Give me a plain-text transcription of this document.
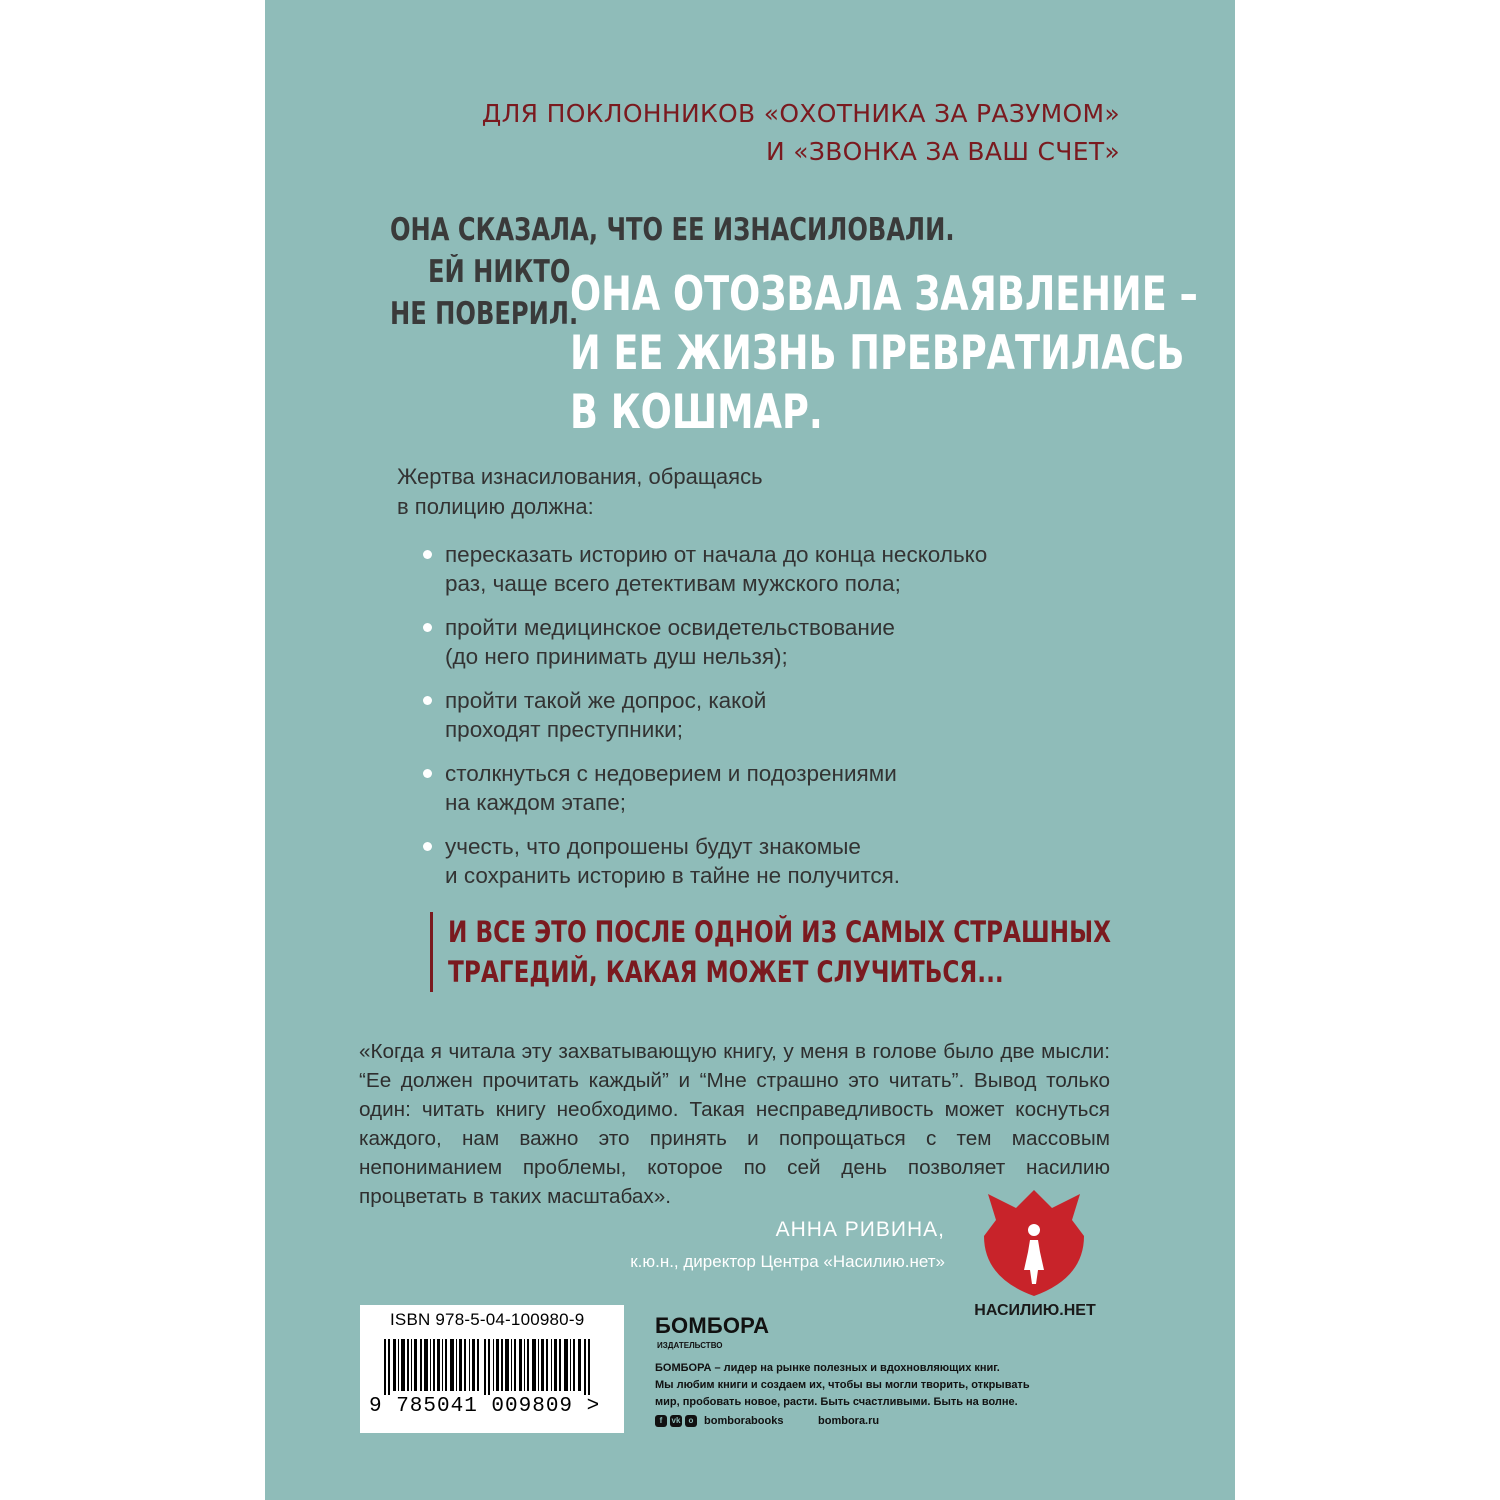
ДЛЯ ПОКЛОННИКОВ «ОХОТНИКА ЗА РАЗУМОМ»
И «ЗВОНКА ЗА ВАШ СЧЕТ»
ОНА СКАЗАЛА, ЧТО ЕЕ ИЗНАСИЛОВАЛИ.
ЕЙ НИКТО
НЕ ПОВЕРИЛ.
ОНА ОТОЗВАЛА ЗАЯВЛЕНИЕ –
И ЕЕ ЖИЗНЬ ПРЕВРАТИЛАСЬ
В КОШМАР.
Жертва изнасилования, обращаясь
в полицию должна:
пересказать историю от начала до конца несколько
раз, чаще всего детективам мужского пола;
пройти медицинское освидетельствование
(до него принимать душ нельзя);
пройти такой же допрос, какой
проходят преступники;
столкнуться с недоверием и подозрениями
на каждом этапе;
учесть, что допрошены будут знакомые
и сохранить историю в тайне не получится.
И ВСЕ ЭТО ПОСЛЕ ОДНОЙ ИЗ САМЫХ СТРАШНЫХ
ТРАГЕДИЙ, КАКАЯ МОЖЕТ СЛУЧИТЬСЯ...
«Когда я читала эту захватывающую книгу, у меня в голове было две мысли: “Ее должен прочитать каждый” и “Мне страшно это читать”. Вывод только один: читать книгу необходимо. Такая несправедливость может коснуться каждого, нам важно это принять и попрощаться с тем массовым непониманием проблемы, которое по сей день позволяет насилию процветать в таких масштабах».
АННА РИВИНА,
к.ю.н., директор Центра «Насилию.нет»
НАСИЛИЮ.НЕТ
ISBN 978-5-04-100980-9
9 785041 009809 >
БОМБОРА
ИЗДАТЕЛЬСТВО
БОМБОРА – лидер на рынке полезных и вдохновляющих книг.
Мы любим книги и создаем их, чтобы вы могли творить, открывать
мир, пробовать новое, расти. Быть счастливыми. Быть на волне.
f	vk	o bomborabooks	bombora.ru
